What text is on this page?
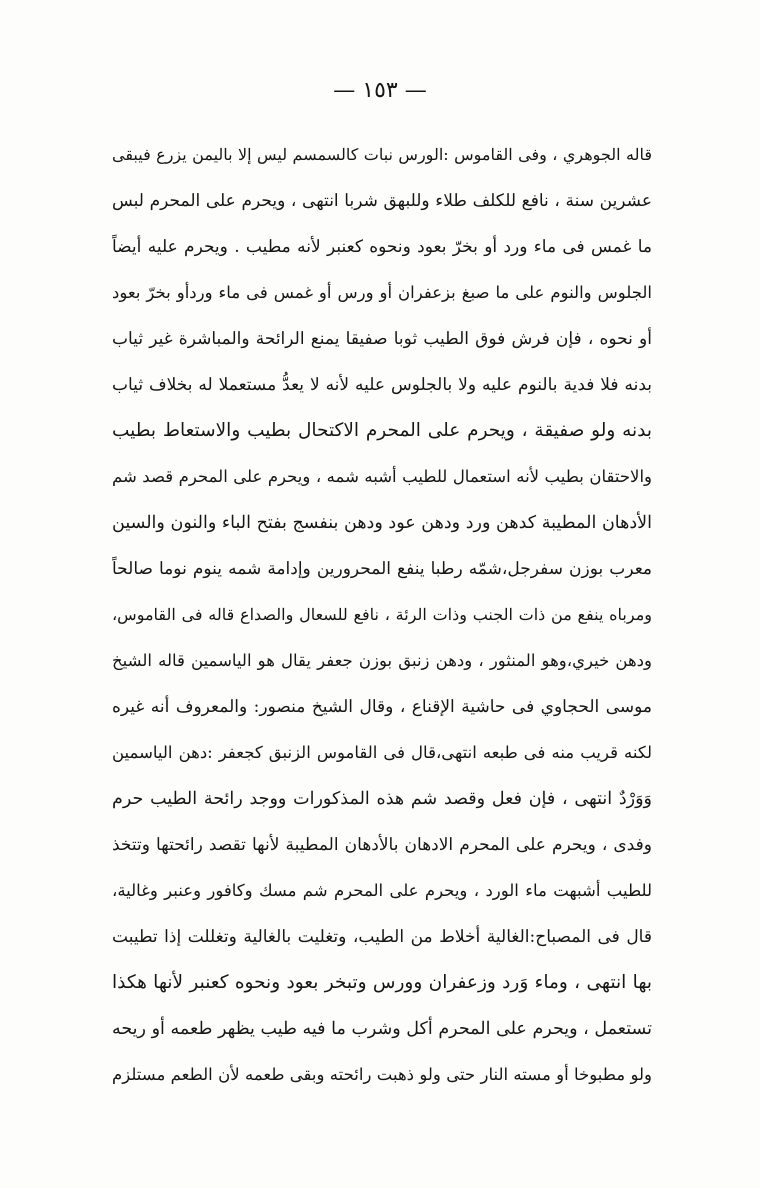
— ١٥٣ —
قاله الجوهري ، وفى القاموس :الورس نبات كالسمسم ليس إلا باليمن يزرع فيبقى
عشرين سنة ، نافع للكلف طلاء وللبهق شربا انتهى ، ويحرم على المحرم لبس
ما غمس فى ماء ورد أو بخرّ بعود ونحوه كعنبر لأنه مطيب . ويحرم عليه أيضاً
الجلوس والنوم على ما صبغ بزعفران أو ورس أو غمس فى ماء وردأو بخرّ بعود
أو نحوه ، فإن فرش فوق الطيب ثوبا صفيقا يمنع الرائحة والمباشرة غير ثياب
بدنه فلا فدية بالنوم عليه ولا بالجلوس عليه لأنه لا يعدُّ مستعملا له بخلاف ثياب
بدنه ولو صفيقة ، ويحرم على المحرم الاكتحال بطيب والاستعاط بطيب
والاحتقان بطيب لأنه استعمال للطيب أشبه شمه ، ويحرم على المحرم قصد شم
الأدهان المطيبة كدهن ورد ودهن عود ودهن بنفسج بفتح الباء والنون والسين
معرب بوزن سفرجل،شمّه رطبا ينفع المحرورين وإدامة شمه ينوم نوما صالحاً
ومرباه ينفع من ذات الجنب وذات الرئة ، نافع للسعال والصداع قاله فى القاموس،
ودهن خيري،وهو المنثور ، ودهن زنبق بوزن جعفر يقال هو الياسمين قاله الشيخ
موسى الحجاوي فى حاشية الإقناع ، وقال الشيخ منصور: والمعروف أنه غيره
لكنه قريب منه فى طبعه انتهى،قال فى القاموس الزنبق كجعفر :دهن الياسمين
وَوَرْدٌ انتهى ، فإن فعل وقصد شم هذه المذكورات ووجد رائحة الطيب حرم
وفدى ، ويحرم على المحرم الادهان بالأدهان المطيبة لأنها تقصد رائحتها وتتخذ
للطيب أشبهت ماء الورد ، ويحرم على المحرم شم مسك وكافور وعنبر وغالية،
قال فى المصباح:الغالية أخلاط من الطيب، وتغليت بالغالية وتغللت إذا تطيبت
بها انتهى ، وماء وَرد وزعفران وورس وتبخر بعود ونحوه كعنبر لأنها هكذا
تستعمل ، ويحرم على المحرم أكل وشرب ما فيه طيب يظهر طعمه أو ريحه
ولو مطبوخا أو مسته النار حتى ولو ذهبت رائحته وبقى طعمه لأن الطعم مستلزم
